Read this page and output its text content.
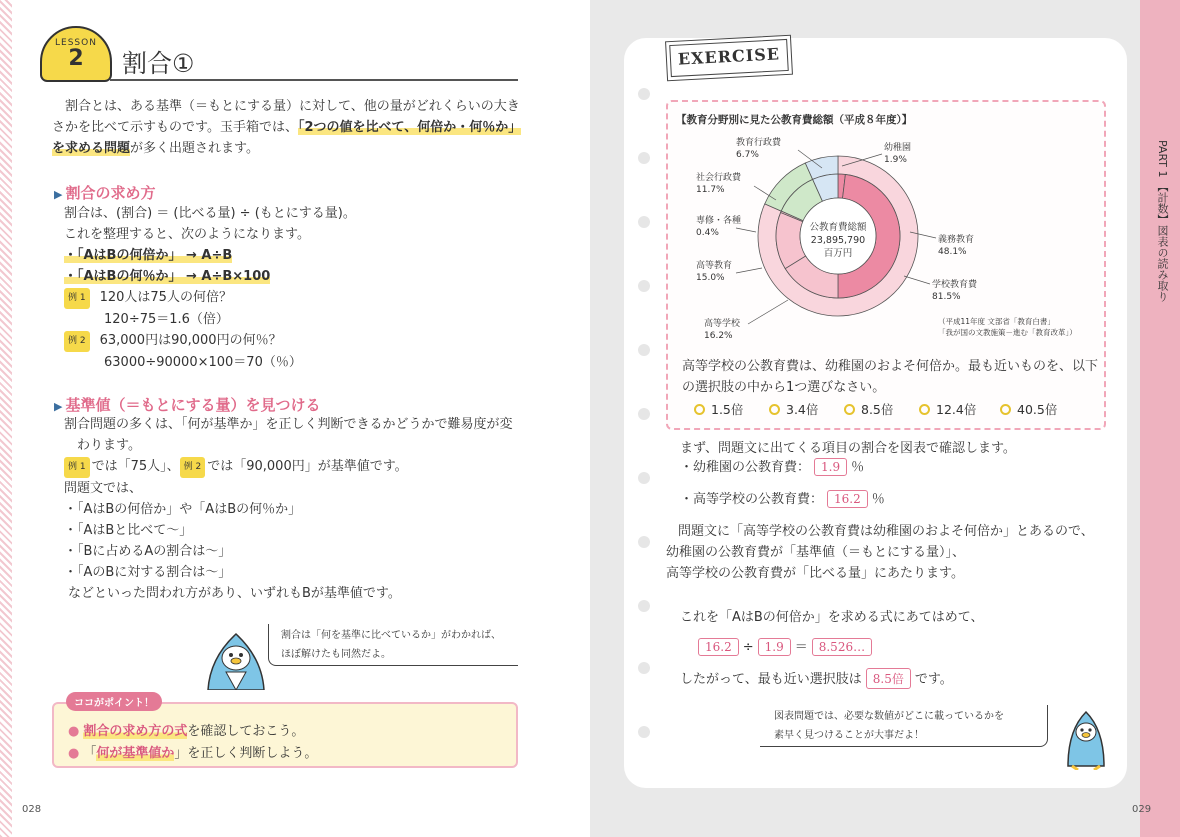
LESSON
2	割合①
割合とは、ある基準（＝もとにする量）に対して、他の量がどれくらいの大き
さかを比べて示すものです。玉手箱では、「2つの値を比べて、何倍か・何％か」
を求める問題が多く出題されます。
▶ 割合の求め方
割合は、(割合) ＝ (比べる量) ÷ (もとにする量)。
これを整理すると、次のようになります。
・「AはBの何倍か」 → A÷B
・「AはBの何％か」 → A÷B×100
例 1 120人は75人の何倍？
120÷75＝1.6（倍）
例 2 63,000円は90,000円の何％？
63000÷90000×100＝70（％）
▶ 基準値（＝もとにする量）を見つける
割合問題の多くは、「何が基準か」を正しく判断できるかどうかで難易度が変
わります。
例 1 では「75人」、 例 2 では「90,000円」が基準値です。
問題文では、
・「AはBの何倍か」や「AはBの何％か」
・「AはBと比べて～」
・「Bに占めるAの割合は～」
・「AのBに対する割合は～」
などといった問われ方があり、いずれもBが基準値です。
割合は「何を基準に比べているか」がわかれば、
ほぼ解けたも同然だよ。
● 割合の求め方の式を確認しておこう。
● 「何が基準値か」を正しく判断しよう。
ココがポイント！
028
PART 1 【計数】図表の読み取り
EXERCISE
【教育分野別に見た公教育費総額（平成８年度）】
公教育費総額
23,895,790
百万円
教育行政費
6.7%
社会行政費
11.7%
専修・各種
0.4%
高等教育
15.0%
高等学校
16.2%
幼稚園
1.9%
義務教育
48.1%
学校教育費
81.5%
（平成11年度 文部省「教育白書」
「我が国の文教施策－進む「教育改革」）
高等学校の公教育費は、幼稚園のおよそ何倍か。最も近いものを、以下
の選択肢の中から1つ選びなさい。
1.5倍	3.4倍	8.5倍	12.4倍	40.5倍
まず、問題文に出てくる項目の割合を図表で確認します。
・幼稚園の公教育費： 1.9 ％
・高等学校の公教育費： 16.2 ％
問題文に「高等学校の公教育費は幼稚園のおよそ何倍か」とあるので、
幼稚園の公教育費が「基準値（＝もとにする量）」、
高等学校の公教育費が「比べる量」にあたります。
これを「AはBの何倍か」を求める式にあてはめて、
16.2 ÷ 1.9 ＝ 8.526…
したがって、最も近い選択肢は 8.5倍 です。
図表問題では、必要な数値がどこに載っているかを
素早く見つけることが大事だよ！
029
